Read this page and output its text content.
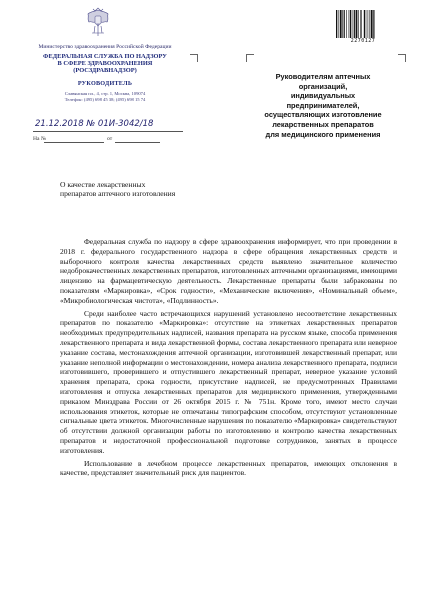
Министерство здравоохранения Российской Федерации
ФЕДЕРАЛЬНАЯ СЛУЖБА ПО НАДЗОРУ
В СФЕРЕ ЗДРАВООХРАНЕНИЯ
(РОСЗДРАВНАДЗОР)
РУКОВОДИТЕЛЬ
Славянская пл., 4, стр. 1, Москва, 109074
Телефон: (495) 698 45 38; (495) 698 15 74
21.12.2018 № 01И-3042/18
На №	от
2270127
Руководителям аптечных
организаций,
индивидуальных
предпринимателей,
осуществляющих изготовление
лекарственных препаратов
для медицинского применения
О качестве лекарственных
препаратов аптечного изготовления

Федеральная служба по надзору в сфере здравоохранения информирует, что при проведении в 2018 г. федерального государственного надзора в сфере обращения лекарственных средств и выборочного контроля качества лекарственных средств выявлено значительное количество недоброкачественных лекарственных препаратов, изготовленных аптечными организациями, имеющими лицензию на фармацевтическую деятельность. Лекарственные препараты были забракованы по показателям «Маркировка», «Срок годности», «Механические включения», «Номинальный объем», «Микробиологическая чистота», «Подлинность».

Среди наиболее часто встречающихся нарушений установлено несоответствие лекарственных препаратов по показателю «Маркировка»: отсутствие на этикетках лекарственных препаратов необходимых предупредительных надписей, названия препарата на русском языке, способа применения лекарственного препарата и вида лекарственной формы, состава лекарственного препарата или неверное указание состава, местонахождения аптечной организации, изготовившей лекарственный препарат, или указание неполной информации о местонахождении, номера анализа лекарственного препарата, подписи изготовившего, проверившего и отпустившего лекарственный препарат, неверное указание условий хранения препарата, срока годности, присутствие надписей, не предусмотренных Правилами изготовления и отпуска лекарственных препаратов для медицинского применения, утвержденными приказом Минздрава России от 26 октября 2015 г. № 751н. Кроме того, имеют место случаи использования этикеток, которые не отпечатаны типографским способом, отсутствуют установленные сигнальные цвета этикеток. Многочисленные нарушения по показателю «Маркировка» свидетельствуют об отсутствии должной организации работы по изготовлению и контролю качества лекарственных препаратов и недостаточной профессиональной подготовке сотрудников, занятых в процессе изготовления.

Использование в лечебном процессе лекарственных препаратов, имеющих отклонения в качестве, представляет значительный риск для пациентов.
